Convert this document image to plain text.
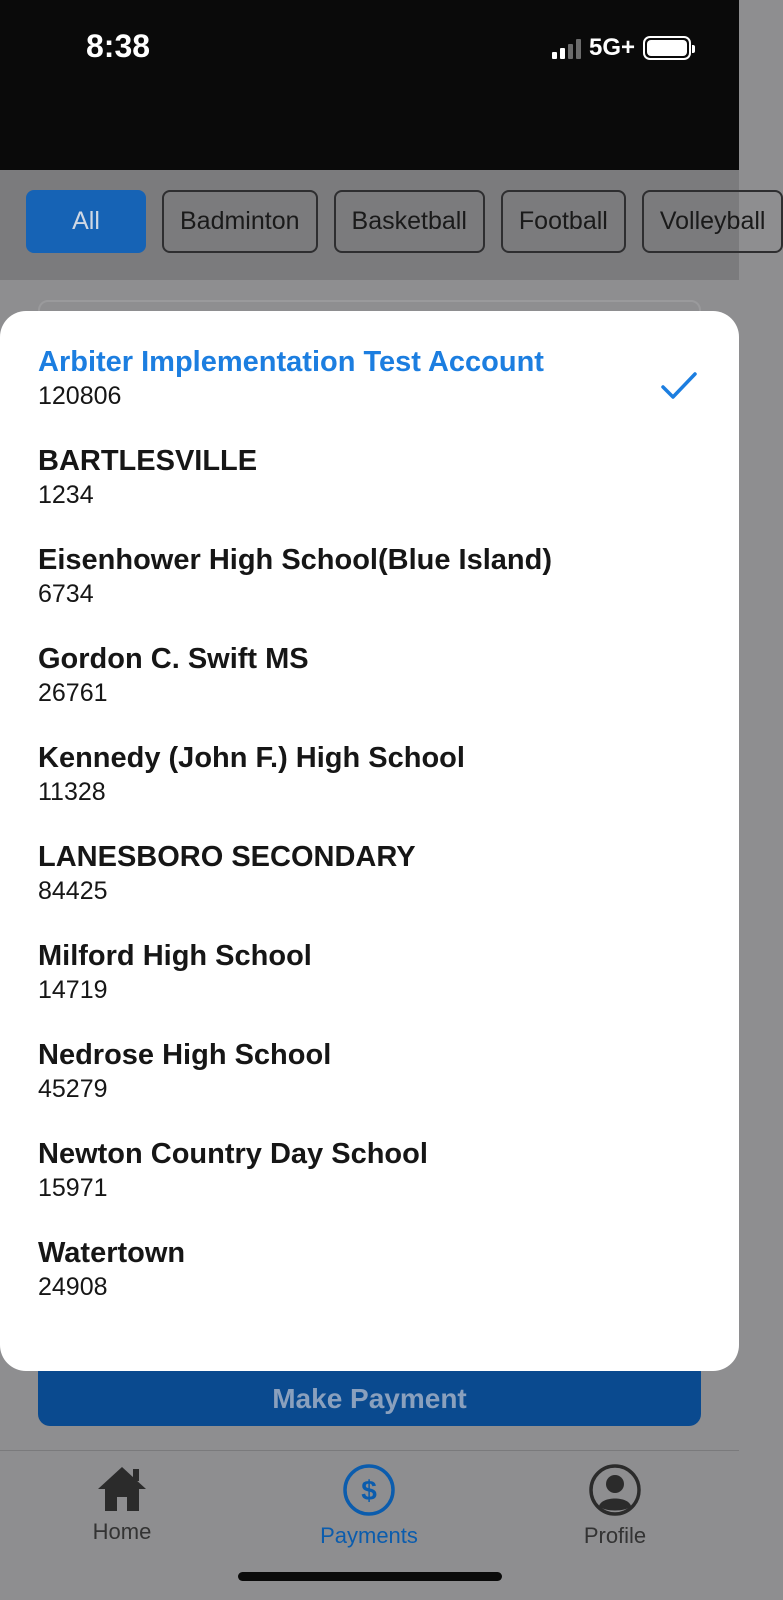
8:38	5G+
All	Badminton	Basketball	Football	Volleyball
Make Payment
Arbiter Implementation Test Account
120806
BARTLESVILLE
1234
Eisenhower High School(Blue Island)
6734
Gordon C. Swift MS
26761
Kennedy (John F.) High School
11328
LANESBORO SECONDARY
84425
Milford High School
14719
Nedrose High School
45279
Newton Country Day School
15971
Watertown
24908
Home
$
Payments	Profile
